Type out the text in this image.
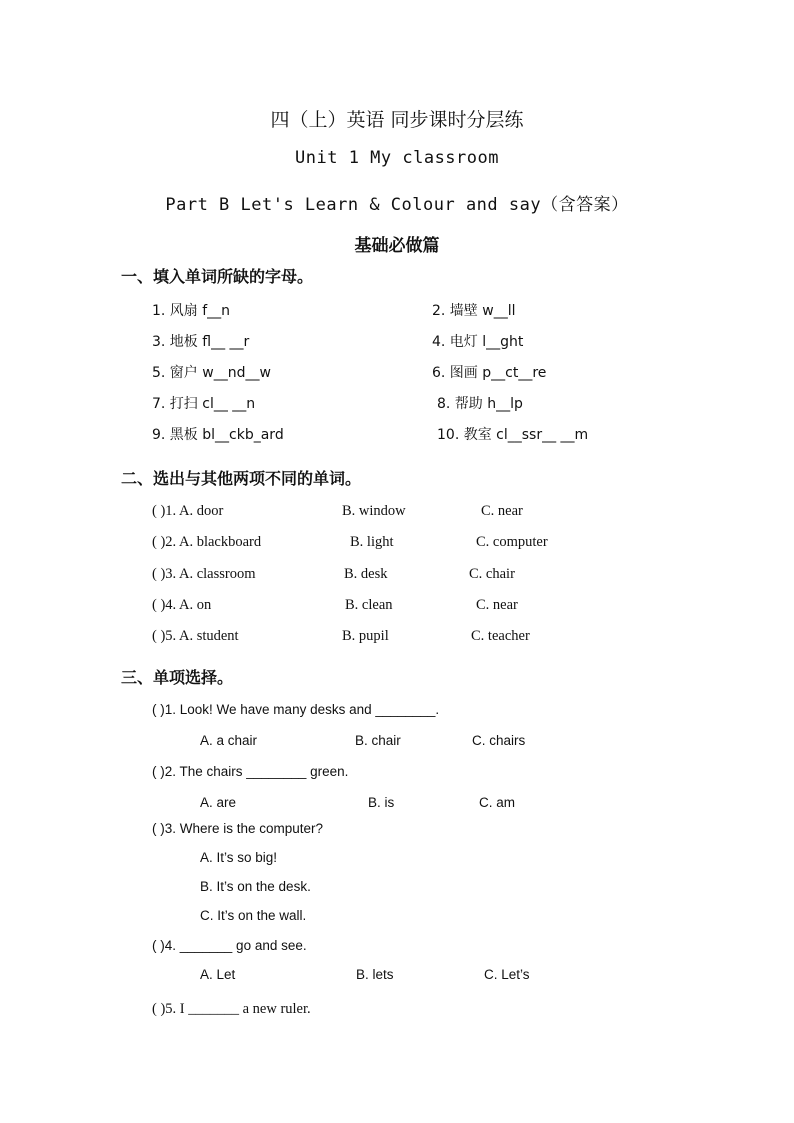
四（上）英语 同步课时分层练
Unit 1 My classroom
Part B Let's Learn & Colour and say（含答案）
基础必做篇
一、填入单词所缺的字母。
1. 风扇 f__n	2. 墙壁 w__ll
3. 地板 fl__ __r	4. 电灯 l__ght
5. 窗户 w__nd__w	6. 图画 p__ct__re
7. 打扫 cl__ __n	8. 帮助 h__lp
9. 黑板 bl__ckb_ard	10. 教室 cl__ssr__ __m
二、选出与其他两项不同的单词。
( )1. A. door	B. window	C. near
( )2. A. blackboard	B. light	C. computer
( )3. A. classroom	B. desk	C. chair
( )4. A. on	B. clean	C. near
( )5. A. student	B. pupil	C. teacher
三、单项选择。
( )1. Look! We have many desks and ________.
A. a chair	B. chair	C. chairs
( )2. The chairs ________ green.
A. are	B. is	C. am
( )3. Where is the computer?
A. It’s so big!
B. It’s on the desk.
C. It’s on the wall.
( )4. _______ go and see.
A. Let	B. lets	C. Let’s
( )5. I _______ a new ruler.
